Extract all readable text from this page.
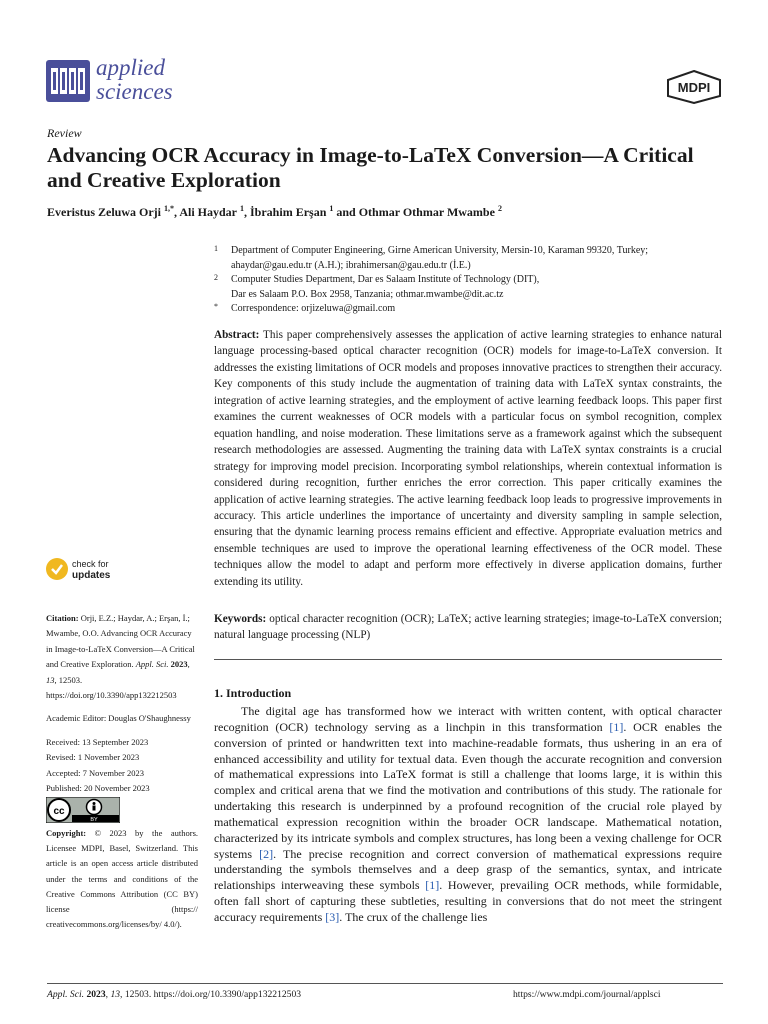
applied
sciences	MDPI
Review
Advancing OCR Accuracy in Image-to-LaTeX Conversion—A Critical and Creative Exploration
Everistus Zeluwa Orji $^{1,*}$, Ali Haydar $^1$, İbrahim Erşan $^1$ and Othmar Othmar Mwambe $^2$
1 Department of Computer Engineering, Girne American University, Mersin-10, Karaman 99320, Turkey;
ahaydar@gau.edu.tr (A.H.); ibrahimersan@gau.edu.tr (İ.E.)
2 Computer Studies Department, Dar es Salaam Institute of Technology (DIT),
Dar es Salaam P.O. Box 2958, Tanzania; othmar.mwambe@dit.ac.tz
* Correspondence: orjizeluwa@gmail.com
Abstract: This paper comprehensively assesses the application of active learning strategies to enhance natural language processing-based optical character recognition (OCR) models for image-to-LaTeX conversion. It addresses the existing limitations of OCR models and proposes innovative practices to strengthen their accuracy. Key components of this study include the augmentation of training data with LaTeX syntax constraints, the integration of active learning strategies, and the employment of active learning feedback loops. This paper first examines the current weaknesses of OCR models with a particular focus on symbol recognition, complex equation handling, and noise moderation. These limitations serve as a framework against which the subsequent research methodologies are assessed. Augmenting the training data with LaTeX syntax constraints is a crucial strategy for improving model precision. Incorporating symbol relationships, wherein contextual information is considered during recognition, further enriches the error correction. This paper critically examines the application of active learning strategies. The active learning feedback loop leads to progressive improvements in accuracy. This article underlines the importance of uncertainty and diversity sampling in sample selection, ensuring that the dynamic learning process remains efficient and effective. Appropriate evaluation metrics and ensemble techniques are used to improve the operational learning effectiveness of the OCR model. These techniques allow the model to adapt and perform more effectively in diverse application domains, further extending its utility.
Keywords: optical character recognition (OCR); LaTeX; active learning strategies; image-to-LaTeX conversion; natural language processing (NLP)
check for
updates

Citation: Orji, E.Z.; Haydar, A.; Erşan, İ.; Mwambe, O.O. Advancing OCR Accuracy in Image-to-LaTeX Conversion—A Critical and Creative Exploration. Appl. Sci. 2023, 13, 12503. https://doi.org/10.3390/app132212503

Academic Editor: Douglas O'Shaughnessy

Received: 13 September 2023

Revised: 1 November 2023

Accepted: 7 November 2023

Published: 20 November 2023

cc
BY
Copyright: © 2023 by the authors. Licensee MDPI, Basel, Switzerland. This article is an open access article distributed under the terms and conditions of the Creative Commons Attribution (CC BY) license (https:// creativecommons.org/licenses/by/ 4.0/).
1. Introduction
The digital age has transformed how we interact with written content, with optical character recognition (OCR) technology serving as a linchpin in this transformation [1]. OCR enables the conversion of printed or handwritten text into machine-readable formats, thus ushering in an era of enhanced accessibility and utility for textual data. Even though the accurate recognition and conversion of mathematical expressions into LaTeX format is still a challenge that looms large, it is within this complex and critical arena that we find the motivation and contributions of this study. The rationale for undertaking this research is underpinned by a profound recognition of the crucial role played by mathematical expression recognition within the broader OCR landscape. Mathematical notation, characterized by its intricate symbols and complex structures, has long been a vexing challenge for OCR systems [2]. The precise recognition and correct conversion of mathematical expressions require understanding the symbols themselves and a deep grasp of the semantics, syntax, and intricate relationships interweaving these symbols [1]. However, prevailing OCR methods, while formidable, often fall short of capturing these subtleties, resulting in conversions that do not meet the stringent accuracy requirements [3]. The crux of the challenge lies
Appl. Sci. 2023, 13, 12503. https://doi.org/10.3390/app132212503	https://www.mdpi.com/journal/applsci
